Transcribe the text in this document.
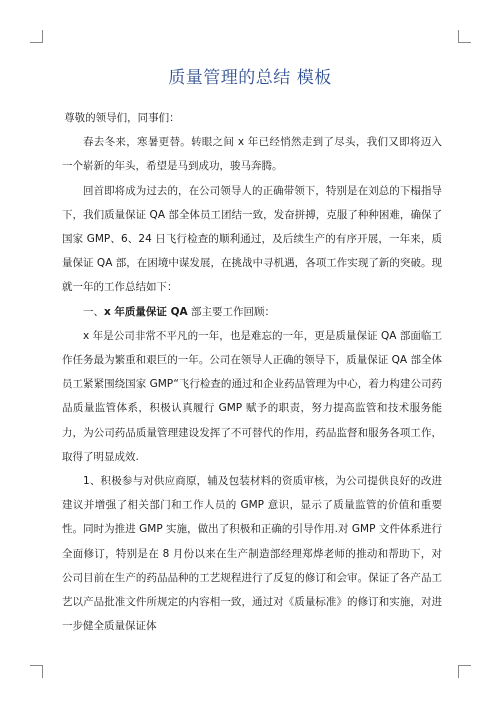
质量管理的总结 模板

尊敬的领导们，同事们：

春去冬来，寒暑更替。转眼之间 x 年已经悄然走到了尽头，我们又即将迈入一个崭新的年头，希望是马到成功，骏马奔腾。

回首即将成为过去的，在公司领导人的正确带领下，特别是在刘总的下榻指导下，我们质量保证 QA 部全体员工团结一致，发奋拼搏，克服了种种困难，确保了国家 GMP、6、24 日飞行检查的顺利通过，及后续生产的有序开展，一年来，质量保证 QA 部，在困境中谋发展，在挑战中寻机遇，各项工作实现了新的突破。现就一年的工作总结如下：

一、x 年质量保证 QA 部主要工作回顾：

x 年是公司非常不平凡的一年，也是难忘的一年，更是质量保证 QA 部面临工作任务最为繁重和艰巨的一年。公司在领导人正确的领导下，质量保证 QA 部全体员工紧紧围绕国家 GMP“飞行检查的通过和企业药品管理为中心，着力构建公司药品质量监管体系，积极认真履行 GMP 赋予的职责，努力提高监管和技术服务能力，为公司药品质量管理建设发挥了不可替代的作用，药品监督和服务各项工作，取得了明显成效.

1、积极参与对供应商原，辅及包装材料的资质审核，为公司提供良好的改进建议并增强了相关部门和工作人员的 GMP 意识，显示了质量监管的价值和重要性。同时为推进 GMP 实施，做出了积极和正确的引导作用.对 GMP 文件体系进行全面修订，特别是在 8 月份以来在生产制造部经理郑烨老师的推动和帮助下，对公司目前在生产的药品品种的工艺规程进行了反复的修订和会审。保证了各产品工艺以产品批准文件所规定的内容相一致，通过对《质量标准》的修订和实施，对进一步健全质量保证体
